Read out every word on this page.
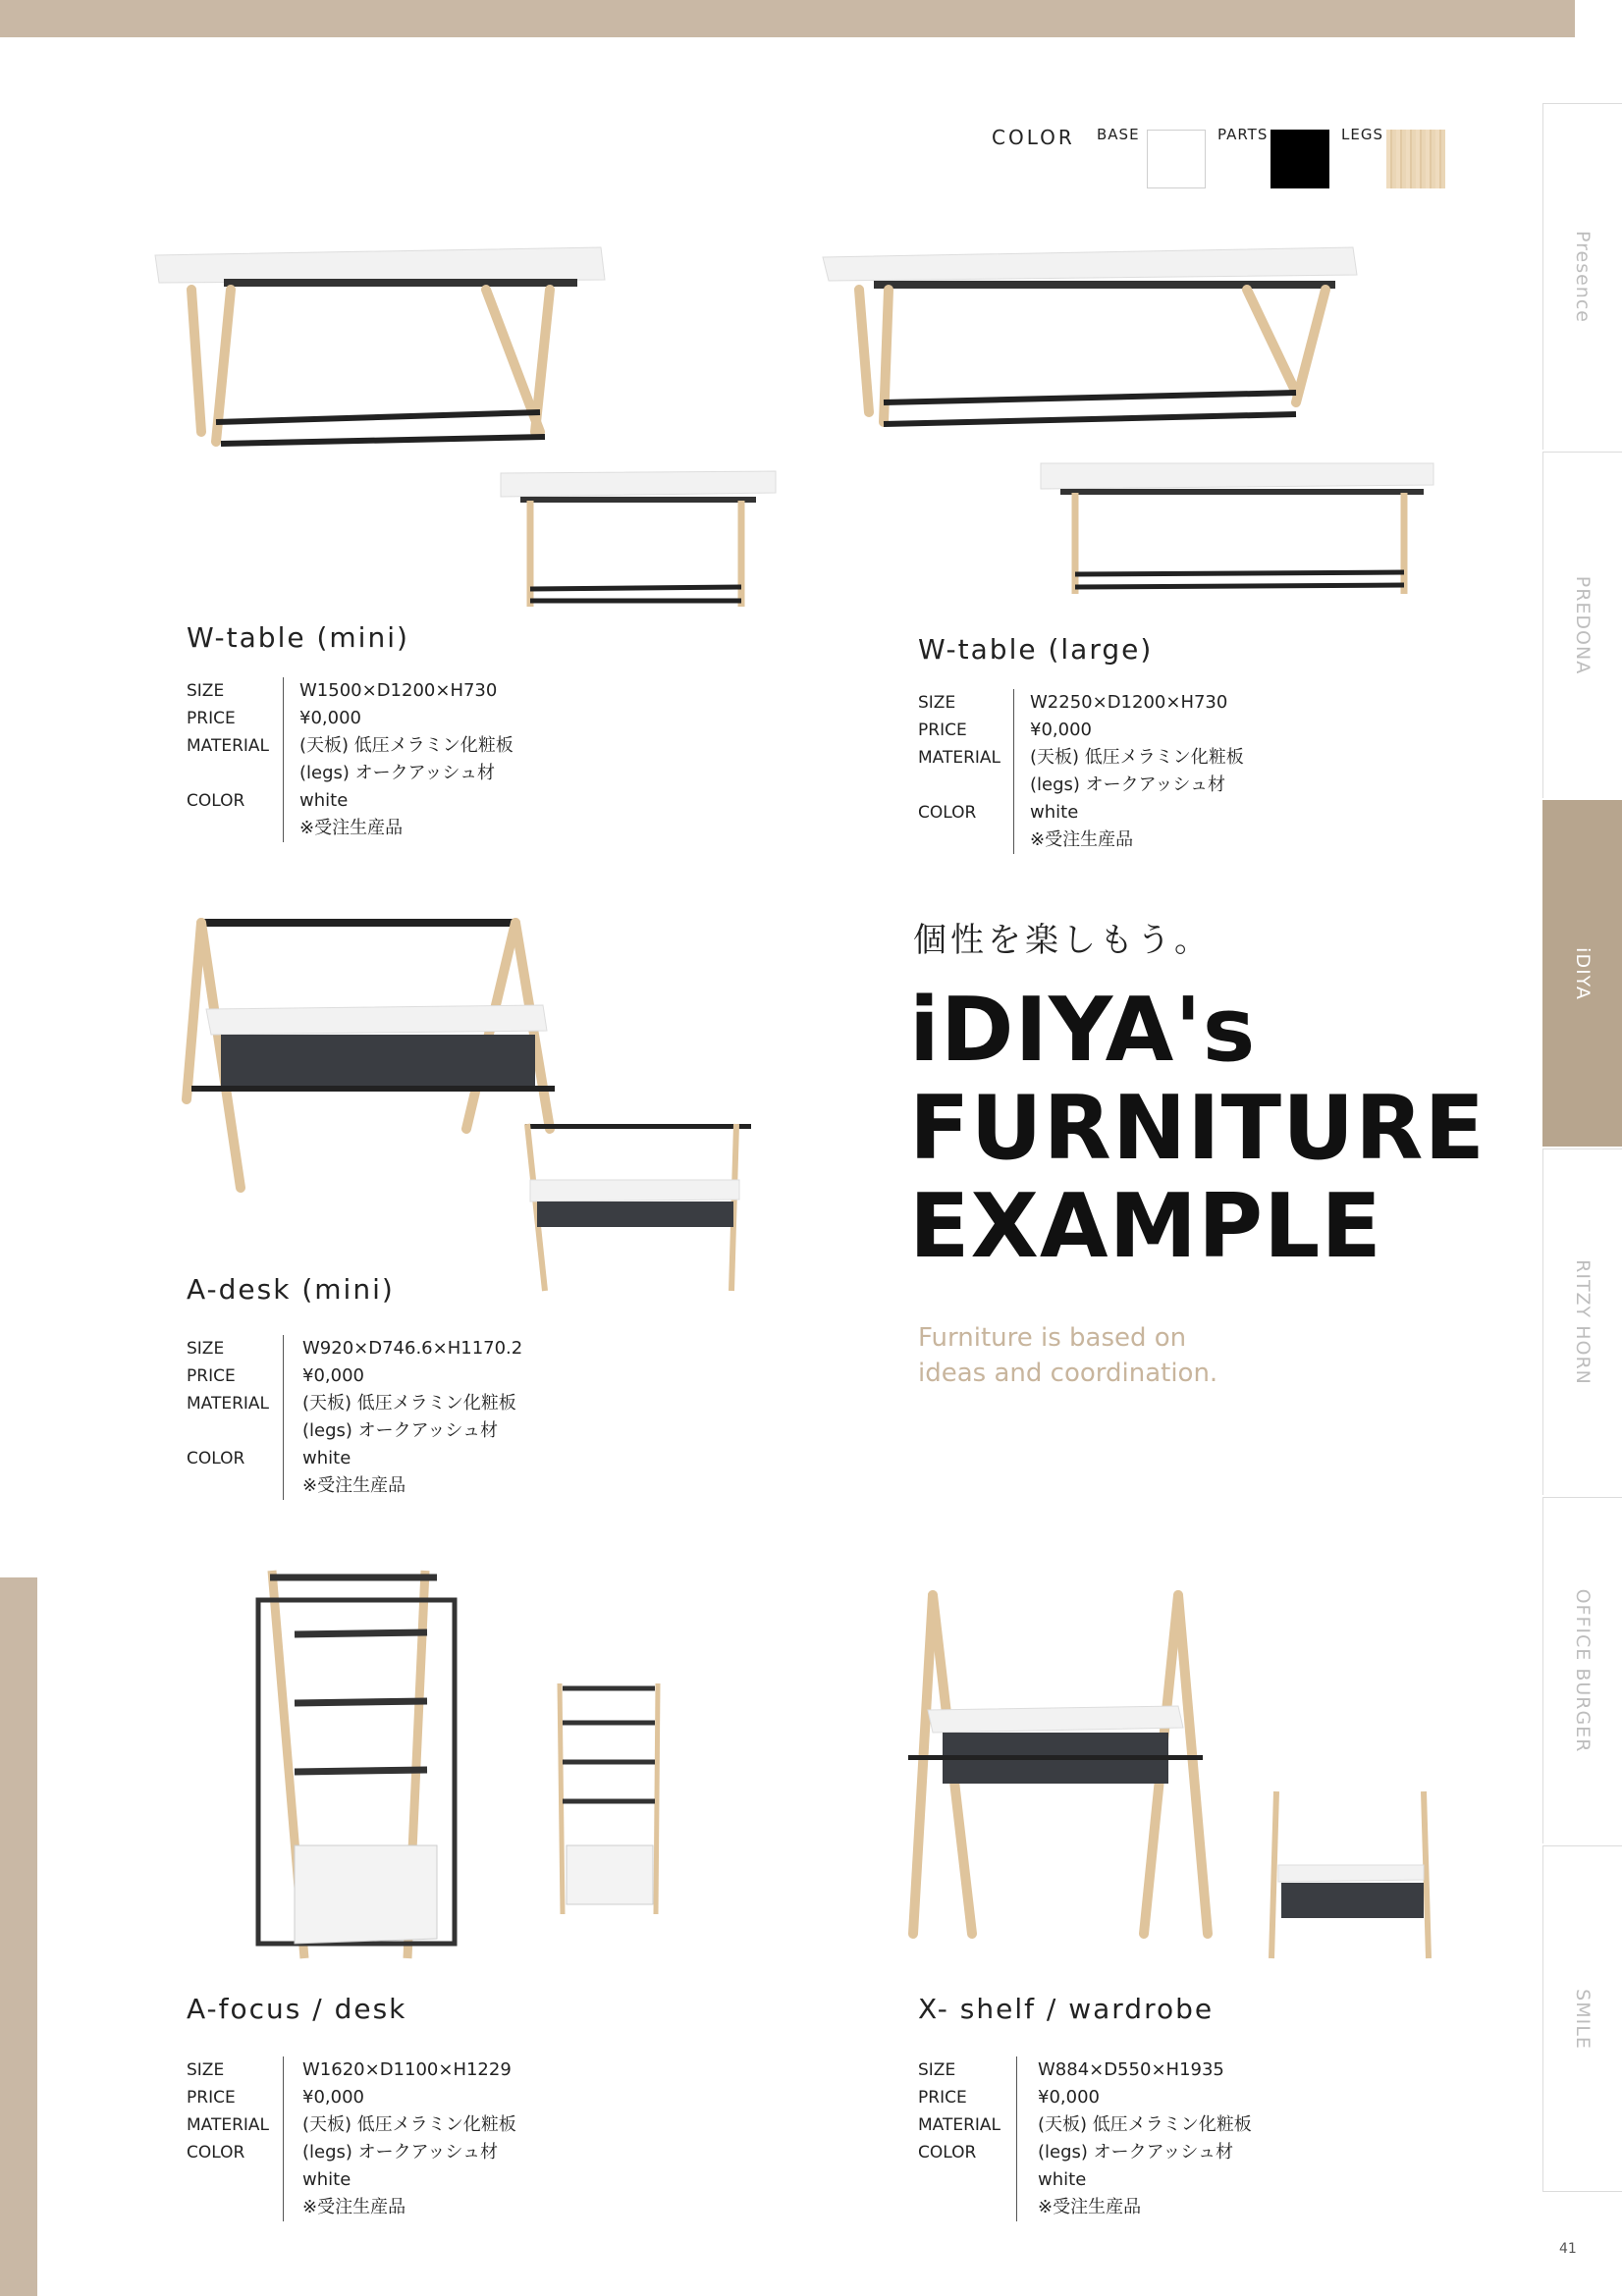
Presence
PREDONA
iDIYA
RITZY HORN
OFFICE BURGER
SMILE
41
COLOR BASE	PARTS	LEGS
W-table (mini)
SIZE
PRICE
MATERIAL

COLOR
W1500×D1200×H730
¥0,000
(天板) 低圧メラミン化粧板
(legs) オークアッシュ材
white
※受注生産品
W-table (large)
SIZE
PRICE
MATERIAL

COLOR
W2250×D1200×H730
¥0,000
(天板) 低圧メラミン化粧板
(legs) オークアッシュ材
white
※受注生産品
A-desk (mini)
SIZE
PRICE
MATERIAL

COLOR
W920×D746.6×H1170.2
¥0,000
(天板) 低圧メラミン化粧板
(legs) オークアッシュ材
white
※受注生産品
A-focus / desk
SIZE
PRICE
MATERIAL
COLOR
W1620×D1100×H1229
¥0,000
(天板) 低圧メラミン化粧板
(legs) オークアッシュ材
white
※受注生産品
X- shelf / wardrobe
SIZE
PRICE
MATERIAL
COLOR
W884×D550×H1935
¥0,000
(天板) 低圧メラミン化粧板
(legs) オークアッシュ材
white
※受注生産品
個性を楽しもう。
iDIYA's
FURNITURE
EXAMPLE
Furniture is based on
ideas and coordination.
